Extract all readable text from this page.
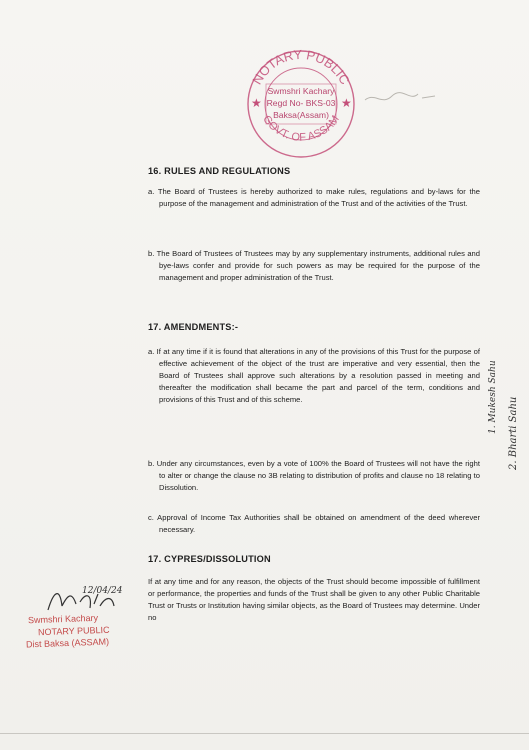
NOTARY PUBLIC
GOVT. OF ASSAM
Swmshri Kachary
Regd No- BKS-03
Baksa(Assam)
★	★
16. RULES AND REGULATIONS

a. The Board of Trustees is hereby authorized to make rules, regulations and by-laws for the purpose of the management and administration of the Trust and of the activities of the Trust.

b. The Board of Trustees of Trustees may by any supplementary instruments, additional rules and bye-laws confer and provide for such powers as may be required for the purpose of the management and proper administration of the Trust.

17. AMENDMENTS:-

a. If at any time if it is found that alterations in any of the provisions of this Trust for the purpose of effective achievement of the object of the trust are imperative and very essential, then the Board of Trustees shall approve such alterations by a resolution passed in meeting and thereafter the modification shall became the part and parcel of the term, conditions and provisions of this Trust and of this scheme.

b. Under any circumstances, even by a vote of 100% the Board of Trustees will not have the right to alter or change the clause no 3B relating to distribution of profits and clause no 18 relating to Dissolution.

c. Approval of Income Tax Authorities shall be obtained on amendment of the deed wherever necessary.

17. CYPRES/DISSOLUTION

If at any time and for any reason, the objects of the Trust should become impossible of fulfillment or performance, the properties and funds of the Trust shall be given to any other Public Charitable Trust or Trusts or Institution having similar objects, as the Board of Trustees may determine. Under no

1. Mukesh Sahu 2. Bharti Sahu
12/04/24
Swmshri Kachary
NOTARY PUBLIC
Dist Baksa (ASSAM)
